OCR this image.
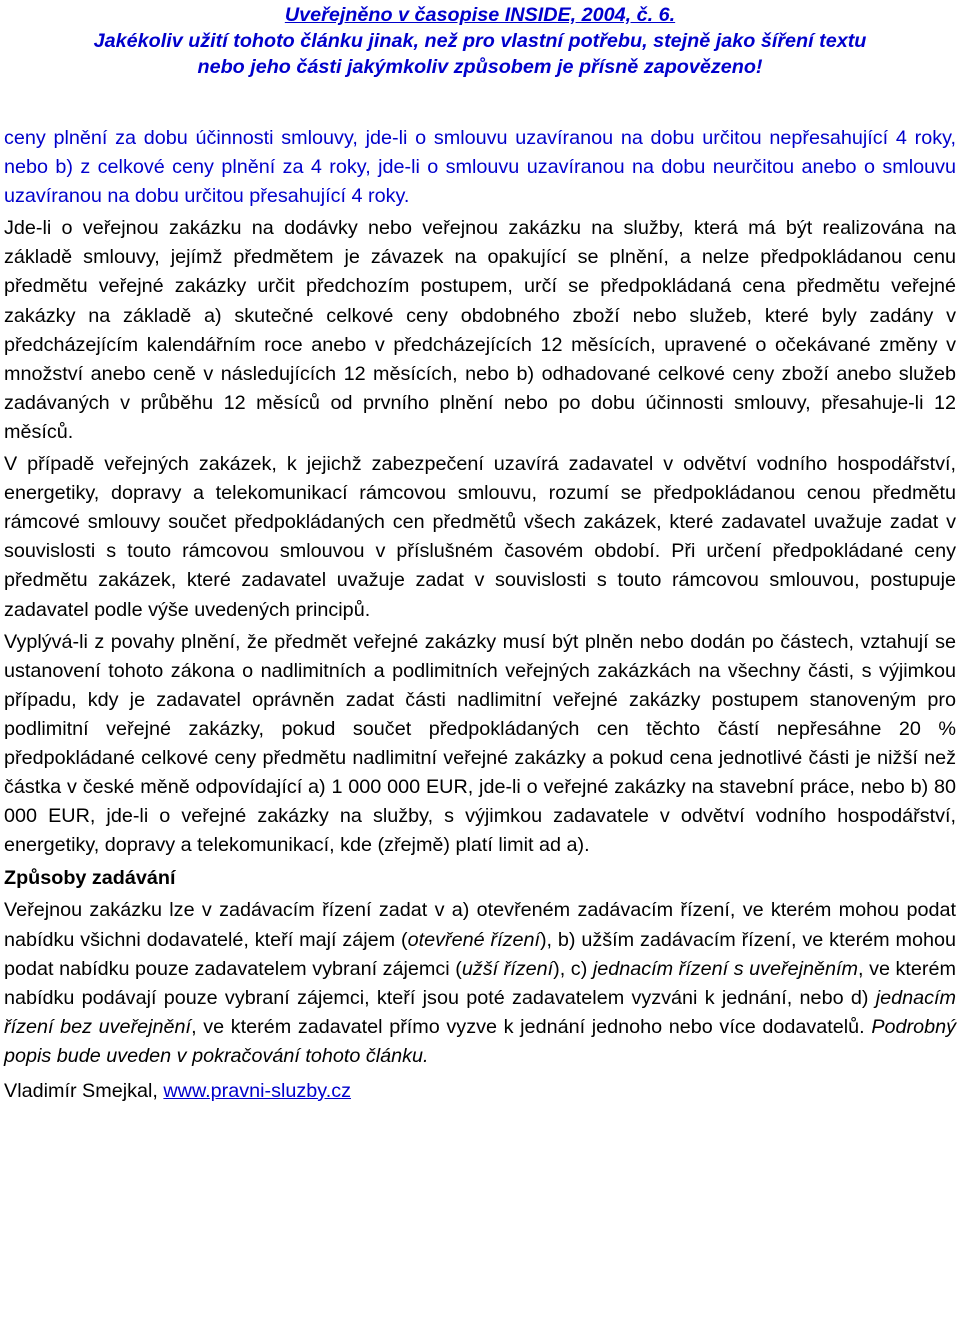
Uveřejněno v časopise INSIDE, 2004, č. 6.
Jakékoliv užití tohoto článku jinak, než pro vlastní potřebu, stejně jako šíření textu
nebo jeho části jakýmkoliv způsobem je přísně zapovězeno!

ceny plnění za dobu účinnosti smlouvy, jde-li o smlouvu uzavíranou na dobu určitou nepřesahující 4 roky, nebo b) z celkové ceny plnění za 4 roky, jde-li o smlouvu uzavíranou na dobu neurčitou anebo o smlouvu uzavíranou na dobu určitou přesahující 4 roky.

Jde-li o veřejnou zakázku na dodávky nebo veřejnou zakázku na služby, která má být realizována na základě smlouvy, jejímž předmětem je závazek na opakující se plnění, a nelze předpokládanou cenu předmětu veřejné zakázky určit předchozím postupem, určí se předpokládaná cena předmětu veřejné zakázky na základě a) skutečné celkové ceny obdobného zboží nebo služeb, které byly zadány v předcházejícím kalendářním roce anebo v předcházejících 12 měsících, upravené o očekávané změny v množství anebo ceně v následujících 12 měsících, nebo b) odhadované celkové ceny zboží anebo služeb zadávaných v průběhu 12 měsíců od prvního plnění nebo po dobu účinnosti smlouvy, přesahuje-li 12 měsíců.

V případě veřejných zakázek, k jejichž zabezpečení uzavírá zadavatel v odvětví vodního hospodářství, energetiky, dopravy a telekomunikací rámcovou smlouvu, rozumí se předpokládanou cenou předmětu rámcové smlouvy součet předpokládaných cen předmětů všech zakázek, které zadavatel uvažuje zadat v souvislosti s touto rámcovou smlouvou v příslušném časovém období. Při určení předpokládané ceny předmětu zakázek, které zadavatel uvažuje zadat v souvislosti s touto rámcovou smlouvou, postupuje zadavatel podle výše uvedených principů.

Vyplývá-li z povahy plnění, že předmět veřejné zakázky musí být plněn nebo dodán po částech, vztahují se ustanovení tohoto zákona o nadlimitních a podlimitních veřejných zakázkách na všechny části, s výjimkou případu, kdy je zadavatel oprávněn zadat části nadlimitní veřejné zakázky postupem stanoveným pro podlimitní veřejné zakázky, pokud součet předpokládaných cen těchto částí nepřesáhne 20 % předpokládané celkové ceny předmětu nadlimitní veřejné zakázky a pokud cena jednotlivé části je nižší než částka v české měně odpovídající a) 1 000 000 EUR, jde-li o veřejné zakázky na stavební práce, nebo b) 80 000 EUR, jde-li o veřejné zakázky na služby, s výjimkou zadavatele v odvětví vodního hospodářství, energetiky, dopravy a telekomunikací, kde (zřejmě) platí limit ad a).

Způsoby zadávání

Veřejnou zakázku lze v zadávacím řízení zadat v a) otevřeném zadávacím řízení, ve kterém mohou podat nabídku všichni dodavatelé, kteří mají zájem (otevřené řízení), b) užším zadávacím řízení, ve kterém mohou podat nabídku pouze zadavatelem vybraní zájemci (užší řízení), c) jednacím řízení s uveřejněním, ve kterém nabídku podávají pouze vybraní zájemci, kteří jsou poté zadavatelem vyzváni k jednání, nebo d) jednacím řízení bez uveřejnění, ve kterém zadavatel přímo vyzve k jednání jednoho nebo více dodavatelů. Podrobný popis bude uveden v pokračování tohoto článku.

Vladimír Smejkal, www.pravni-sluzby.cz
